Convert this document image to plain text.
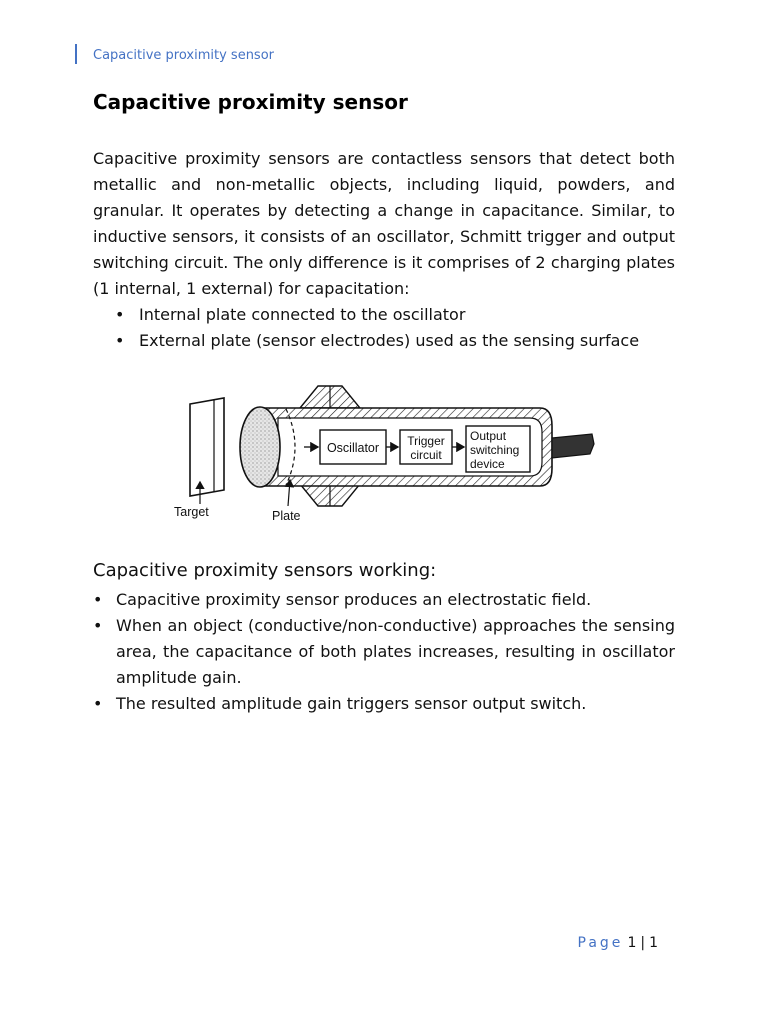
Capacitive proximity sensor
Capacitive proximity sensor

Capacitive proximity sensors are contactless sensors that detect both metallic and non-metallic objects, including liquid, powders, and granular. It operates by detecting a change in capacitance. Similar, to inductive sensors, it consists of an oscillator, Schmitt trigger and output switching circuit. The only difference is it comprises of 2 charging plates (1 internal, 1 external) for capacitation:

• Internal plate connected to the oscillator
• External plate (sensor electrodes) used as the sensing surface
Oscillator Trigger
circuit
Output
switching
device
Target	Plate
Capacitive proximity sensors working:
• Capacitive proximity sensor produces an electrostatic field.
• When an object (conductive/non-conductive) approaches the sensing area, the capacitance of both plates increases, resulting in oscillator amplitude gain.
• The resulted amplitude gain triggers sensor output switch.
Page 1 | 1
